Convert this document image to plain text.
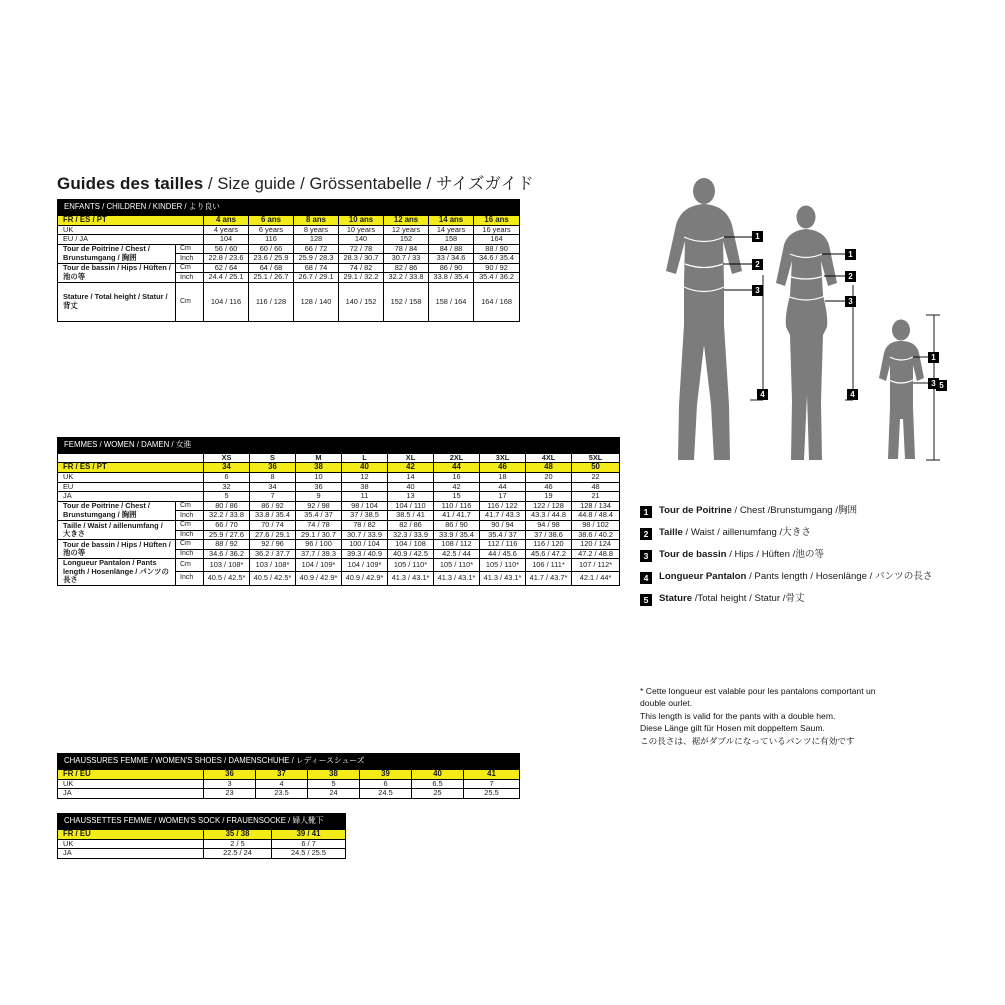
Guides des tailles / Size guide / Grössentabelle / サイズガイド
ENFANTS / CHILDREN / KINDER / より良い								
FR / ES / PT		4 ans	6 ans	8 ans	10 ans	12 ans	14 ans	16 ans
UK		4 years	6 years	8 years	10 years	12 years	14 years	16 years
EU / JA		104	116	128	140	152	158	164
Tour de Poitrine / Chest / Brunstumgang / 胸囲	Cm	56 / 60	60 / 66	66 / 72	72 / 78	78 / 84	84 / 88	88 / 90
	Inch	22.8 / 23.6	23.6 / 25.9	25.9 / 28.3	28.3 / 30.7	30.7 / 33	33 / 34.6	34.6 / 35.4
Tour de bassin / Hips / Hüften / 池の等	Cm	62 / 64	64 / 68	68 / 74	74 / 82	82 / 86	86 / 90	90 / 92
	Inch	24.4 / 25.1	25.1 / 26.7	26.7 / 29.1	29.1 / 32.2	32.2 / 33.8	33.8 / 35.4	35.4 / 36.2
Stature / Total height / Statur / 背丈	Cm	104 / 116	116 / 128	128 / 140	140 / 152	152 / 158	158 / 164	164 / 168
FEMMES / WOMEN / DAMEN / 女進										
		XS	S	M	L	XL	2XL	3XL	4XL	5XL
FR / ES / PT		34	36	38	40	42	44	46	48	50
UK		6	8	10	12	14	16	18	20	22
EU		32	34	36	38	40	42	44	46	48
JA		5	7	9	11	13	15	17	19	21
Tour de Poitrine / Chest / Brunstumgang / 胸囲	Cm	80 / 86	86 / 92	92 / 98	98 / 104	104 / 110	110 / 116	116 / 122	122 / 128	128 / 134
	Inch	32.2 / 33.8	33.8 / 35.4	35.4 / 37	37 / 38.5	38.5 / 41	41 / 41.7	41.7 / 43.3	43.3 / 44.8	44.8 / 48.4
Taille / Waist / aillenumfang / 大きさ	Cm	66 / 70	70 / 74	74 / 78	78 / 82	82 / 86	86 / 90	90 / 94	94 / 98	98 / 102
	Inch	25.9 / 27.6	27.6 / 29.1	29.1 / 30.7	30.7 / 33.9	32.3 / 33.9	33.9 / 35.4	35.4 / 37	37 / 38.6	38.6 / 40.2
Tour de bassin / Hips / Hüften / 池の等	Cm	88 / 92	92 / 96	96 / 100	100 / 104	104 / 108	108 / 112	112 / 116	116 / 120	120 / 124
	Inch	34.6 / 36.2	36.2 / 37.7	37.7 / 39.3	39.3 / 40.9	40.9 / 42.5	42.5 / 44	44 / 45.6	45.6 / 47.2	47.2 / 48.8
Longueur Pantalon / Pants length / Hosenlänge / パンツの長さ	Cm	103 / 108*	103 / 108*	104 / 109*	104 / 109*	105 / 110*	105 / 110*	105 / 110*	106 / 111*	107 / 112*
	Inch	40.5 / 42.5*	40.5 / 42.5*	40.9 / 42.9*	40.9 / 42.9*	41.3 / 43.1*	41.3 / 43.1*	41.3 / 43.1*	41.7 / 43.7*	42.1 / 44*
CHAUSSURES FEMME / WOMEN'S SHOES / DAMENSCHUHE / レディースシューズ						
FR / EU	36	37	38	39	40	41
UK	3	4	5	6	6.5	7
JA	23	23.5	24	24.5	25	25.5
CHAUSSETTES FEMME / WOMEN'S SOCK / FRAUENSOCKE / 婦人靴下		
FR / EU	35 / 38	39 / 41
UK	2 / 5	6 / 7
JA	22.5 / 24	24.5 / 25.5
1
2
3
4
1
2
3
4
1
3 5
1	Tour de Poitrine / Chest /Brunstumgang /胸囲
2	Taille / Waist / aillenumfang /大きさ
3	Tour de bassin / Hips / Hüften /池の等
4	Longueur Pantalon / Pants length / Hosenlänge / パンツの長さ
5	Stature /Total height / Statur /骨丈
* Cette longueur est valable pour les pantalons comportant un
double ourlet.
This length is valid for the pants with a double hem.
Diese Länge gilt für Hosen mit doppeltem Saum.
この長さは、裾がダブルになっているパンツに有効です
